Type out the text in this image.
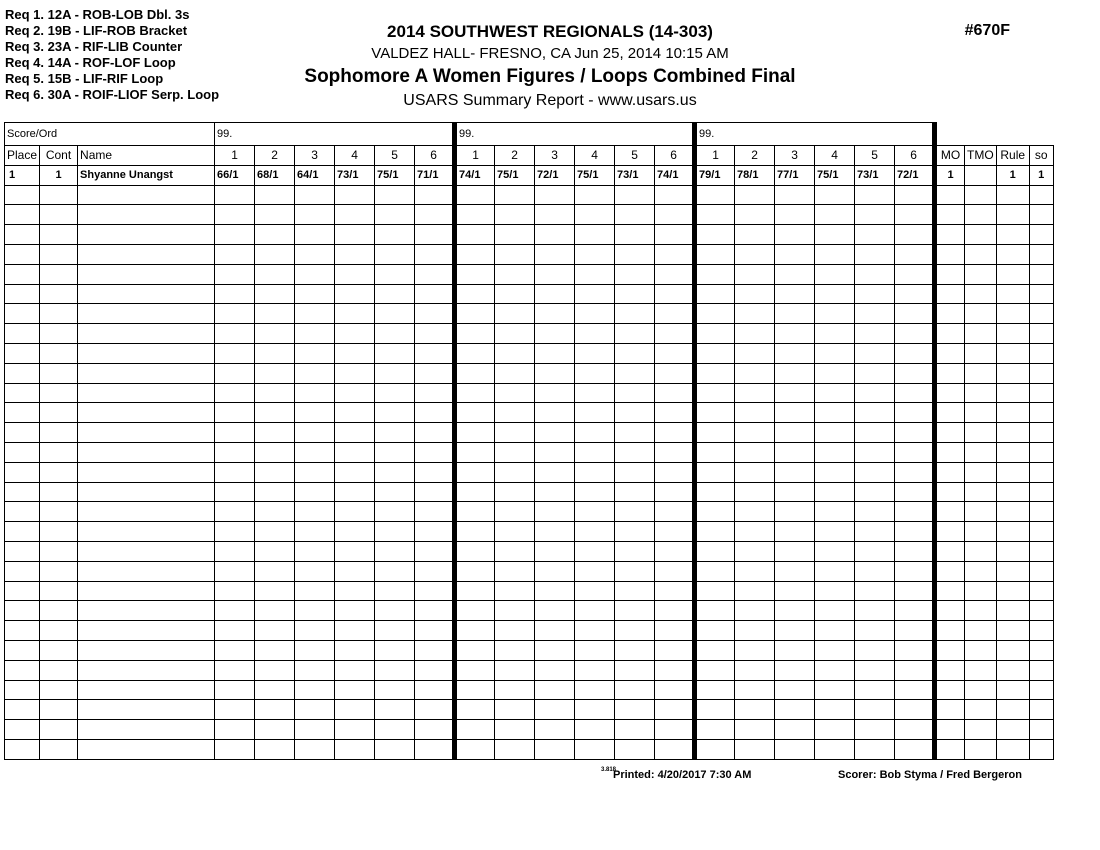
Req 1. 12A - ROB-LOB Dbl. 3s
Req 2. 19B - LIF-ROB Bracket
Req 3. 23A - RIF-LIB Counter
Req 4. 14A - ROF-LOF Loop
Req 5. 15B - LIF-RIF Loop
Req 6. 30A - ROIF-LIOF Serp. Loop
2014 SOUTHWEST REGIONALS (14-303)
VALDEZ HALL- FRESNO, CA Jun 25, 2014 10:15 AM
Sophomore A Women Figures / Loops Combined Final
USARS Summary Report - www.usars.us
#670F
Score/Ord			99.						99.						99.									
Place	Cont	Name	1	2	3	4	5	6	1	2	3	4	5	6	1	2	3	4	5	6	MO	TMO	Rule	so
1	1	Shyanne Unangst	66/1	68/1	64/1	73/1	75/1	71/1	74/1	75/1	72/1	75/1	73/1	74/1	79/1	78/1	77/1	75/1	73/1	72/1	1		1	1

3.818
Printed: 4/20/2017 7:30 AM	Scorer: Bob Styma / Fred Bergeron
